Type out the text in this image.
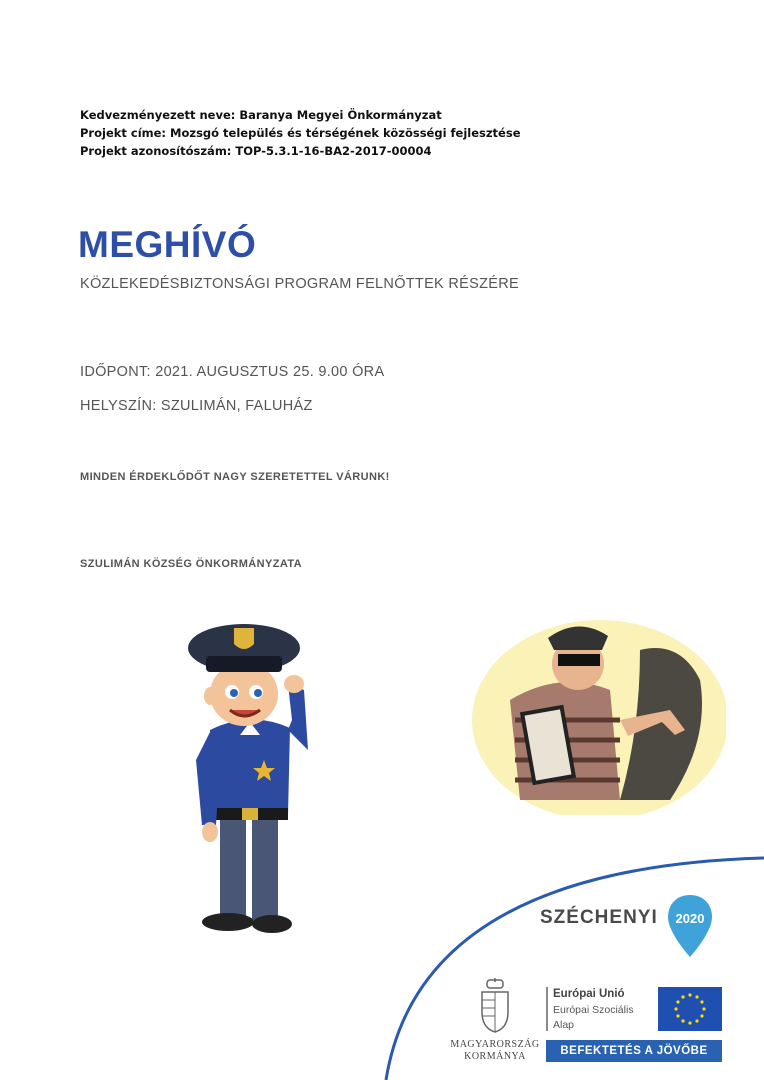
Kedvezményezett neve: Baranya Megyei Önkormányzat
Projekt címe: Mozsgó település és térségének közösségi fejlesztése
Projekt azonosítószám: TOP-5.3.1-16-BA2-2017-00004
MEGHÍVÓ
KÖZLEKEDÉSBIZTONSÁGI PROGRAM FELNŐTTEK RÉSZÉRE
IDŐPONT: 2021. AUGUSZTUS 25. 9.00 ÓRA
HELYSZÍN: SZULIMÁN, FALUHÁZ
MINDEN ÉRDEKLŐDŐT NAGY SZERETETTEL VÁRUNK!
SZULIMÁN KÖZSÉG ÖNKORMÁNYZATA
SZÉCHENYI 2020
MAGYARORSZÁG
KORMÁNYA
Európai Unió
Európai Szociális
Alap
BEFEKTETÉS A JÖVŐBE
